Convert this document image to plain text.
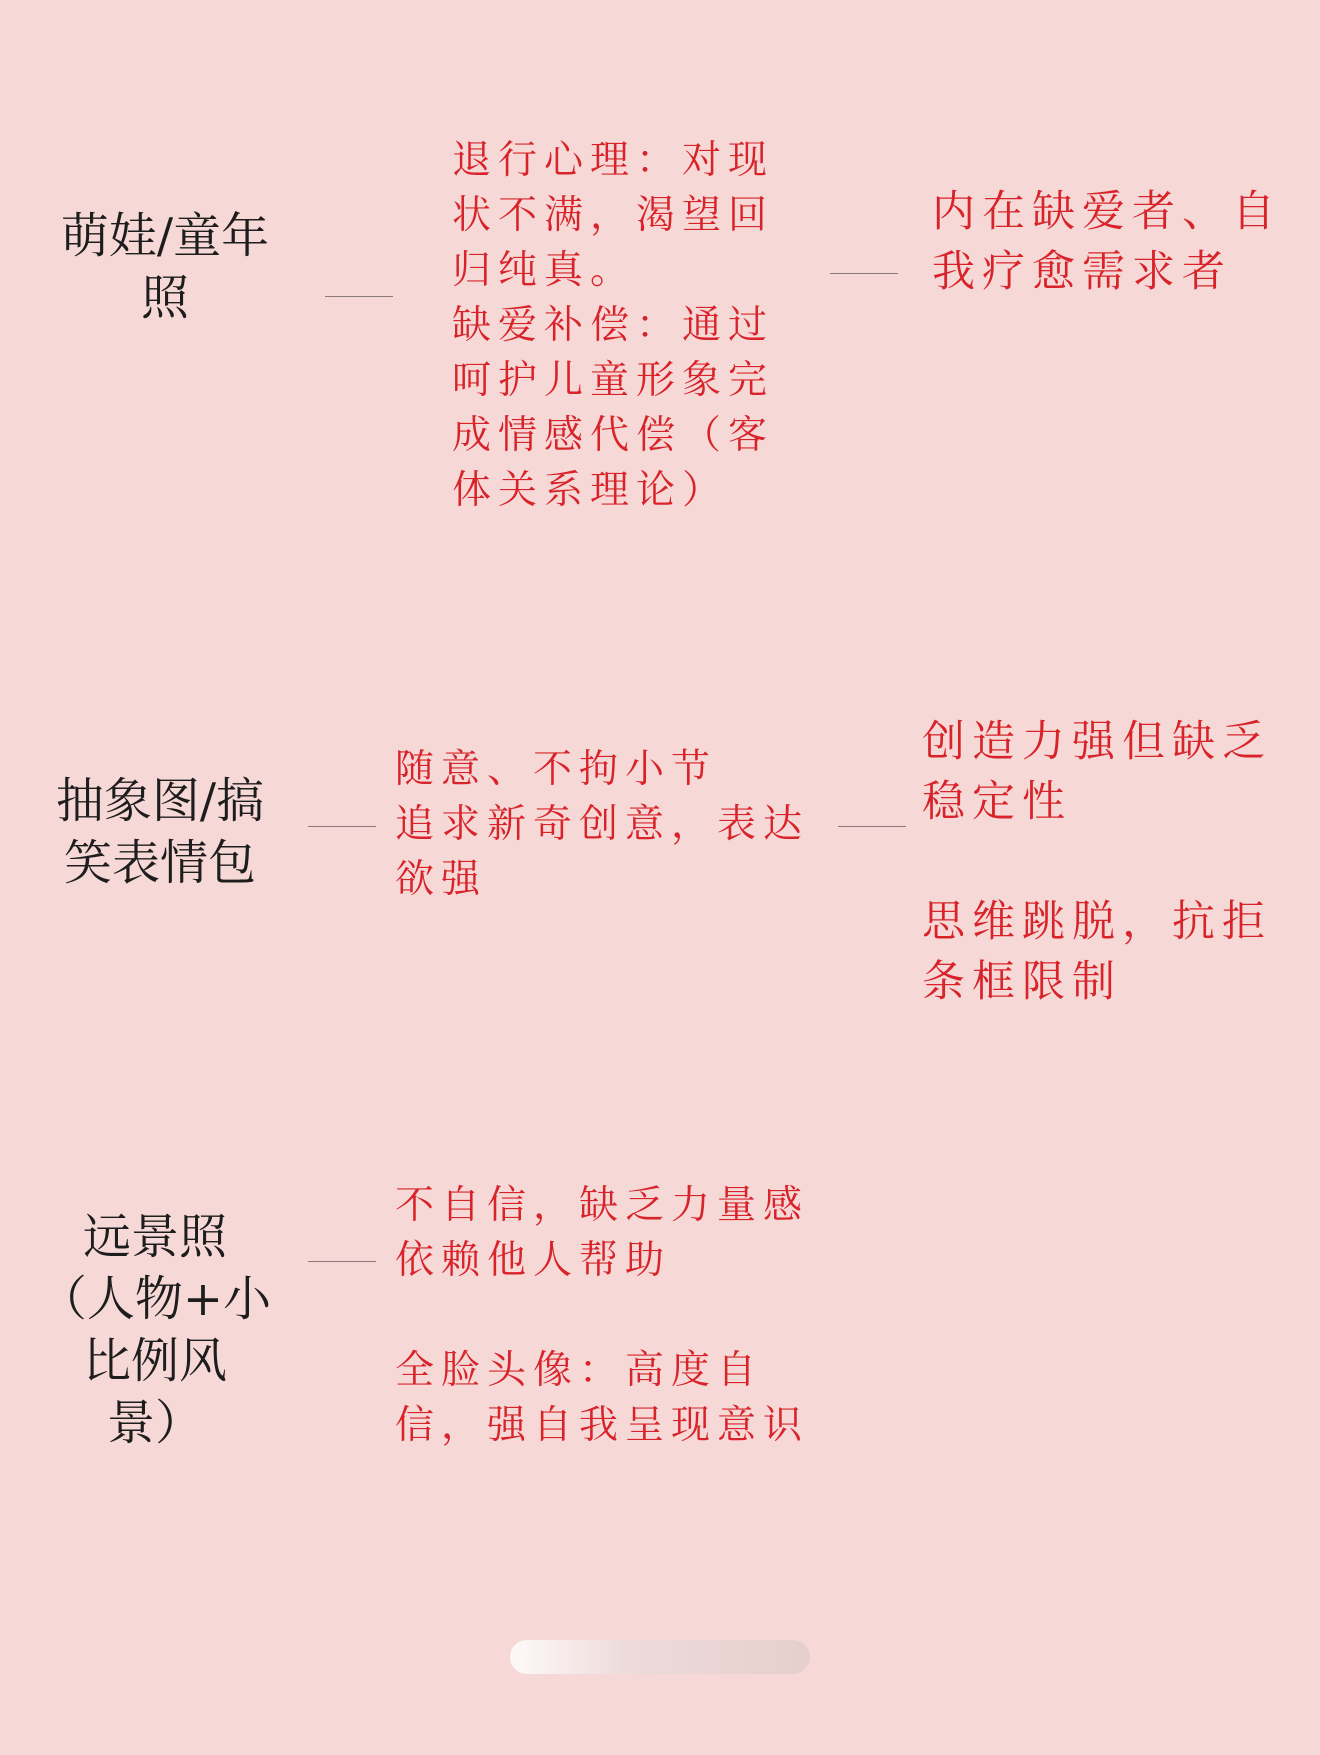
萌娃/童年
照
退行心理：对现
状不满，渴望回
归纯真。
缺爱补偿：通过
呵护儿童形象完
成情感代偿（客
体关系理论）
内在缺爱者、自
我疗愈需求者
抽象图/搞
笑表情包
随意、不拘小节
追求新奇创意，表达
欲强
创造力强但缺乏
稳定性

思维跳脱，抗拒
条框限制
远景照
（人物+小
比例风
景）
不自信，缺乏力量感
依赖他人帮助

全脸头像：高度自
信，强自我呈现意识
